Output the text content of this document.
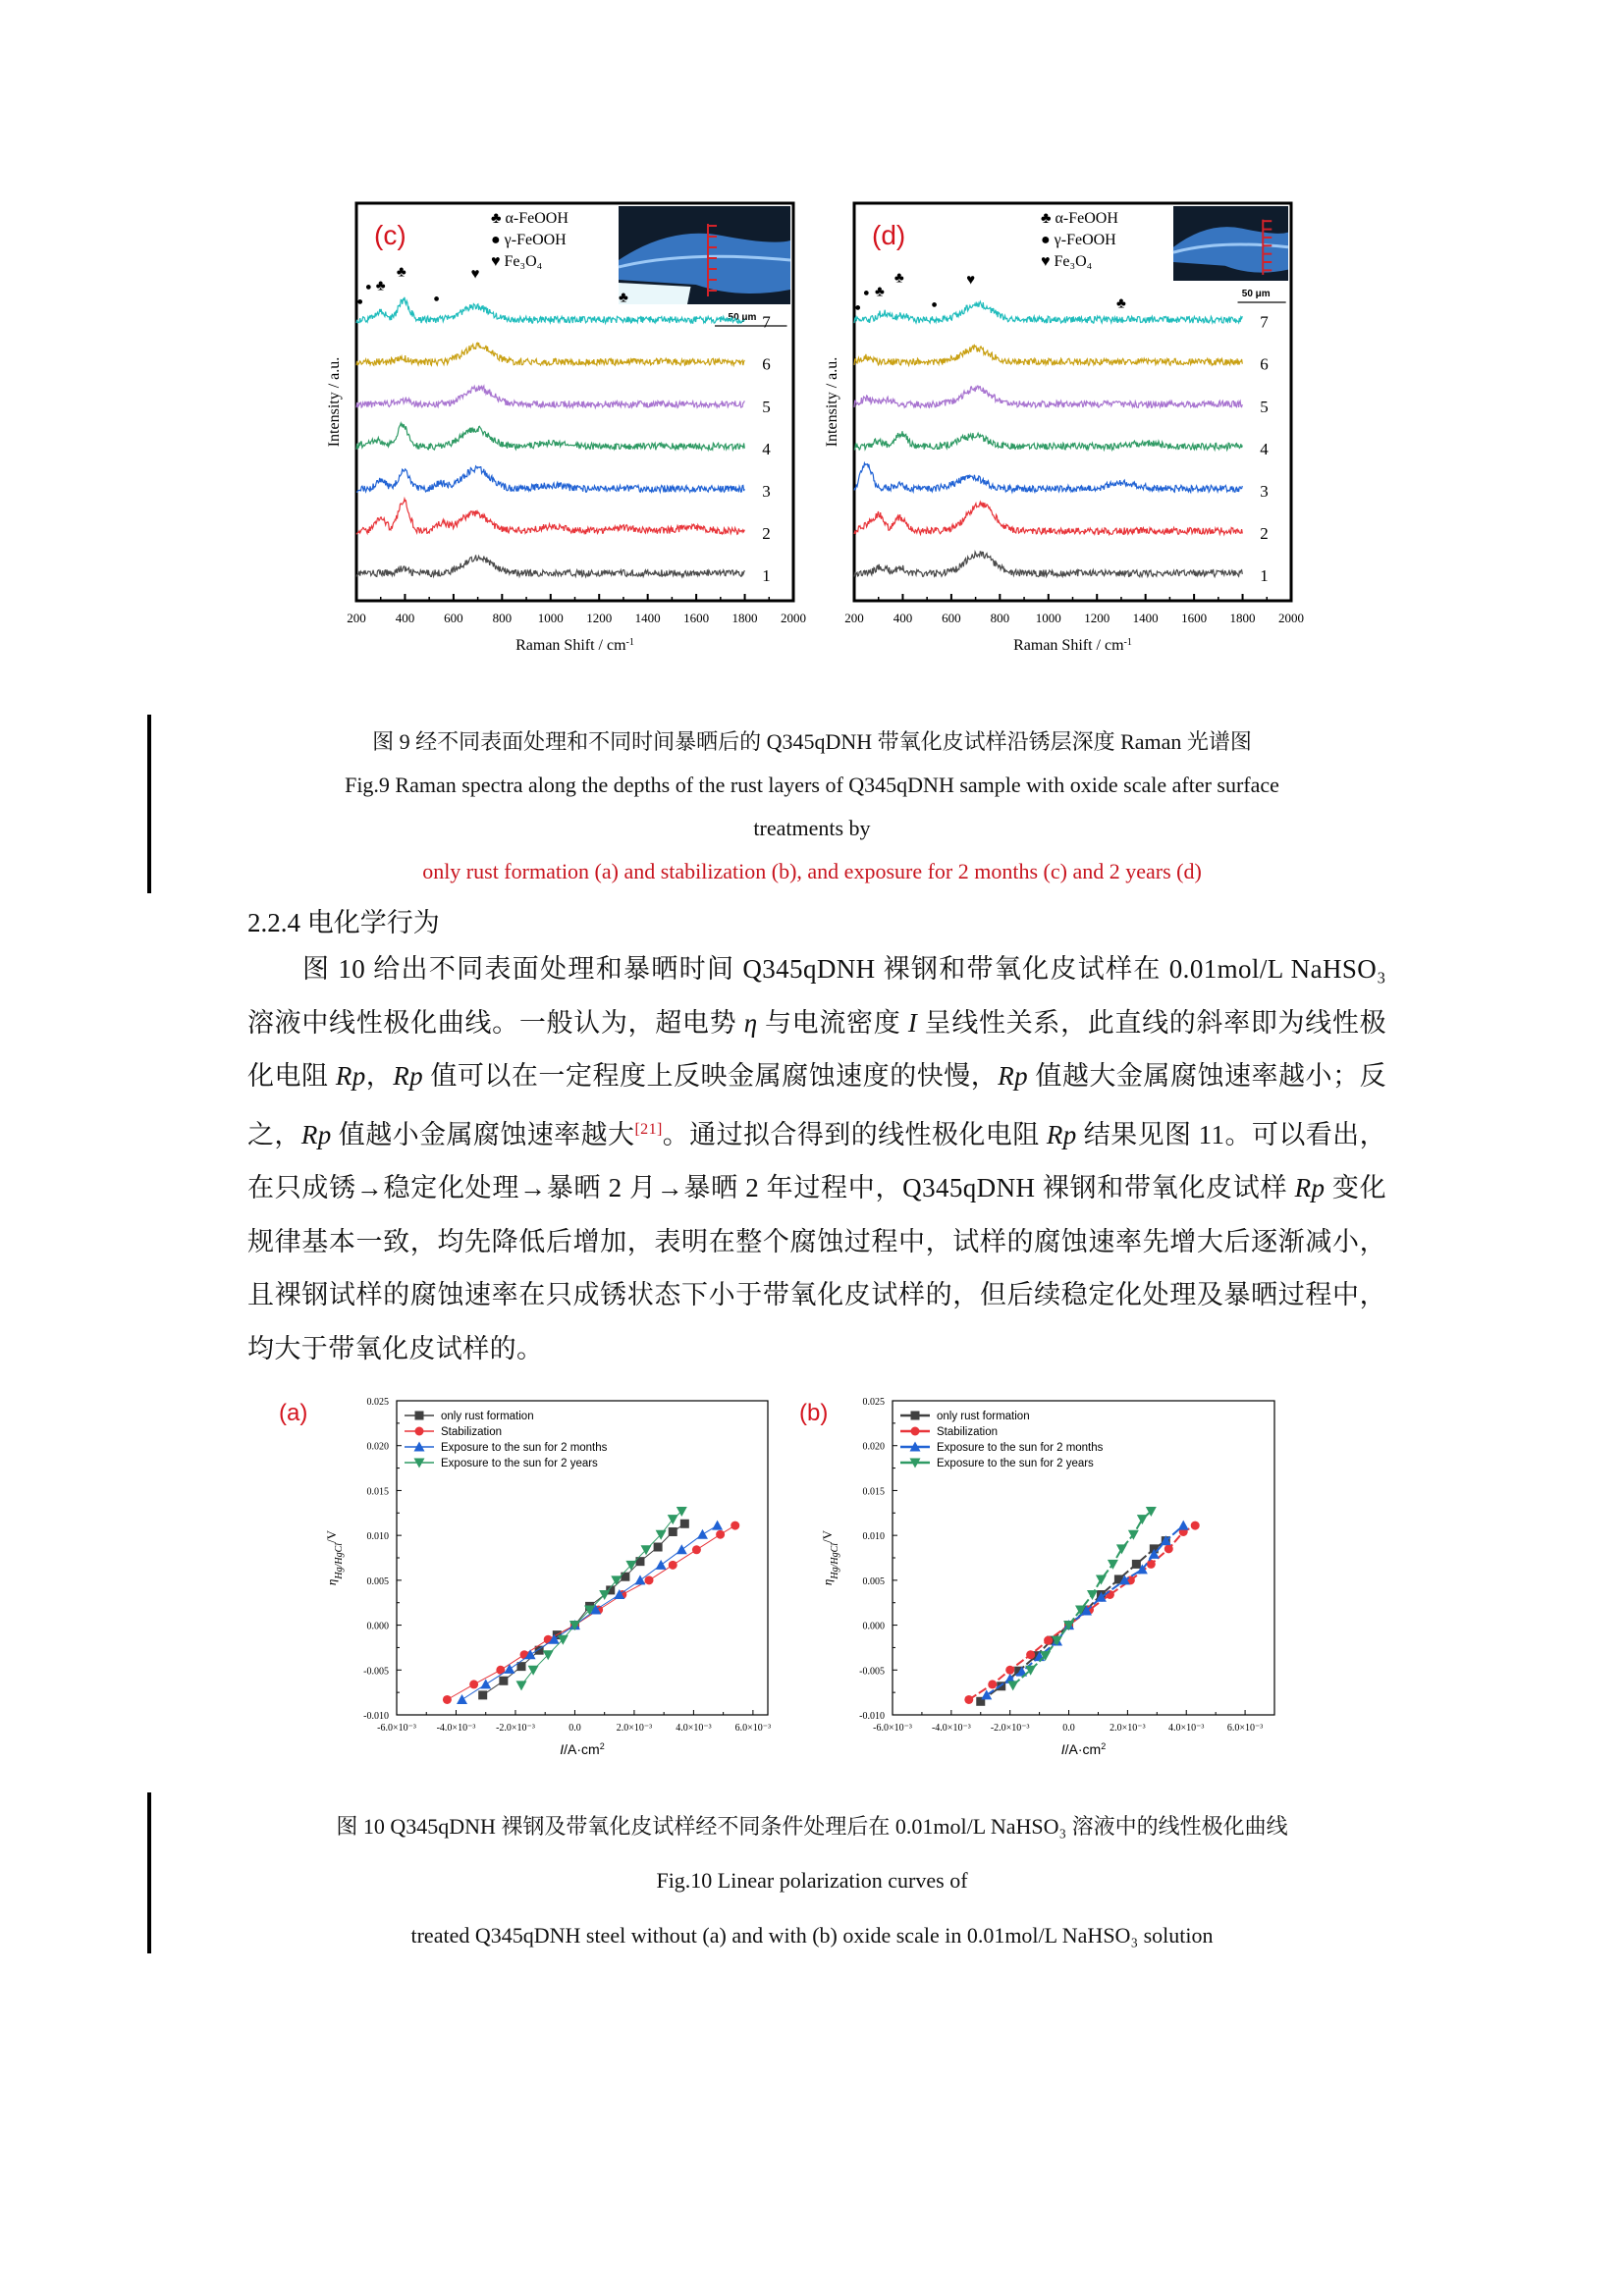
200 400 600 800 1000 1200 1400 1600 1800 2000
Raman Shift / $cm^{-1}$
Intensity / a.u.
50 μm
♣ α-FeOOH
● γ-FeOOH
♥ Fe₃O₄
(c)
1
2
3
4
5
6
7
●
● ♣
♣
●
♥
♣
200 400 600 800 1000 1200 1400 1600 1800 2000
Raman Shift / $cm^{-1}$
Intensity / a.u.
50 μm
♣ α-FeOOH
● γ-FeOOH
♥ Fe₃O₄
(d)
1
2
3
4
5
6
7
●
● ♣
♣
●
♥
♣
图 9 经不同表面处理和不同时间暴晒后的 Q345qDNH 带氧化皮试样沿锈层深度 Raman 光谱图
Fig.9 Raman spectra along the depths of the rust layers of Q345qDNH sample with oxide scale after surface
treatments by
only rust formation (a) and stabilization (b), and exposure for 2 months (c) and 2 years (d)
2.2.4 电化学行为

图 10 给出不同表面处理和暴晒时间 Q345qDNH 裸钢和带氧化皮试样在 0.01mol/L NaHSO₃ 溶液中线性极化曲线。一般认为，超电势 η 与电流密度 I 呈线性关系，此直线的斜率即为线性极化电阻 Rp，Rp 值可以在一定程度上反映金属腐蚀速度的快慢，Rp 值越大金属腐蚀速率越小；反之，Rp 值越小金属腐蚀速率越大[21]。通过拟合得到的线性极化电阻 Rp 结果见图 11。可以看出，在只成锈→稳定化处理→暴晒 2 月→暴晒 2 年过程中，Q345qDNH 裸钢和带氧化皮试样 Rp 变化规律基本一致，均先降低后增加，表明在整个腐蚀过程中，试样的腐蚀速率先增大后逐渐减小，且裸钢试样的腐蚀速率在只成锈状态下小于带氧化皮试样的，但后续稳定化处理及暴晒过程中，均大于带氧化皮试样的。

-0.010
-0.005
0.000
0.005
0.010
0.015
0.020
0.025
-6.0×10⁻³ -4.0×10⁻³ -2.0×10⁻³	0.0	2.0×10⁻³ 4.0×10⁻³ 6.0×10⁻³
$I/A\cdot cm^2$
$\eta_{Hg/HgCl}/V$
(a)	only rust formation
Stabilization
Exposure to the sun for 2 months
Exposure to the sun for 2 years
-0.010
-0.005
0.000
0.005
0.010
0.015
0.020
0.025
-6.0×10⁻³ -4.0×10⁻³ -2.0×10⁻³	0.0	2.0×10⁻³ 4.0×10⁻³ 6.0×10⁻³
$I/A\cdot cm^2$
$\eta_{Hg/HgCl}/V$
(b)	only rust formation
Stabilization
Exposure to the sun for 2 months
Exposure to the sun for 2 years
图 10 Q345qDNH 裸钢及带氧化皮试样经不同条件处理后在 0.01mol/L NaHSO₃ 溶液中的线性极化曲线
Fig.10 Linear polarization curves of
treated Q345qDNH steel without (a) and with (b) oxide scale in 0.01mol/L NaHSO₃ solution
